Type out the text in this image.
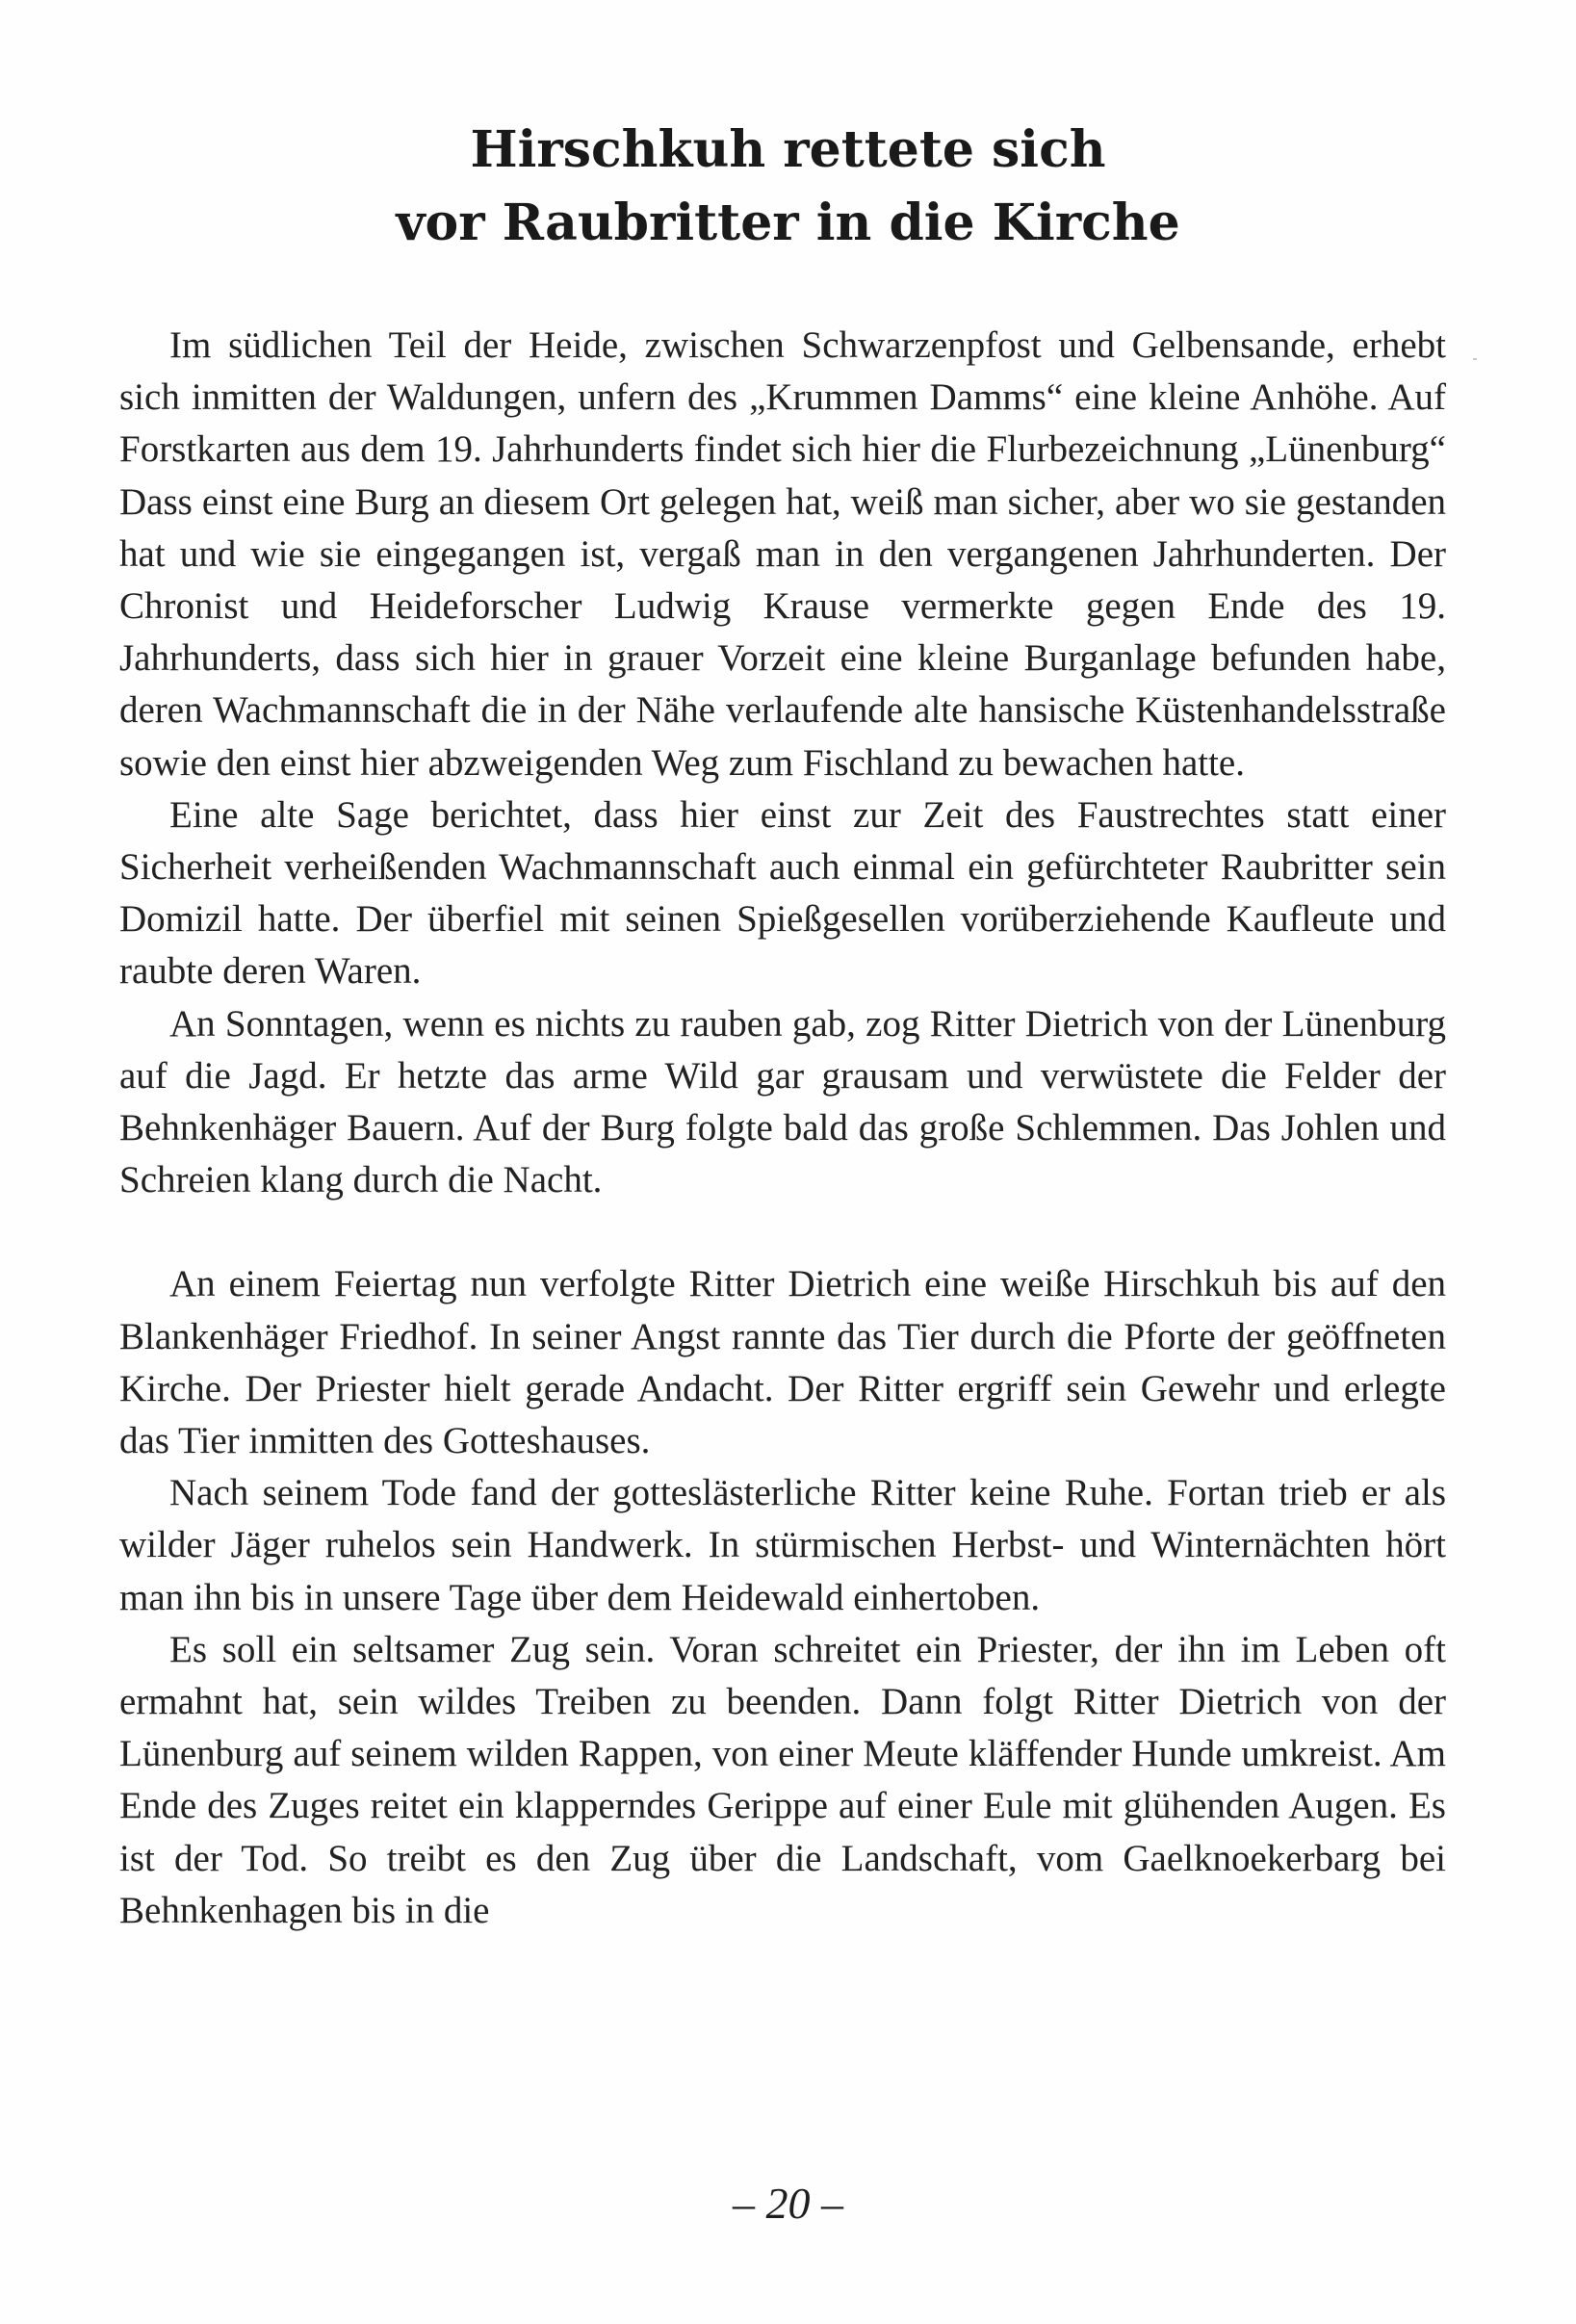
Hirschkuh rettete sich
vor Raubritter in die Kirche

Im südlichen Teil der Heide, zwischen Schwarzenpfost und Gelbensande, erhebt sich inmitten der Waldungen, unfern des „Krummen Damms“ eine kleine Anhöhe. Auf Forstkarten aus dem 19. Jahrhunderts findet sich hier die Flurbezeichnung „Lünenburg“ Dass einst eine Burg an diesem Ort gelegen hat, weiß man sicher, aber wo sie gestanden hat und wie sie eingegangen ist, vergaß man in den vergangenen Jahrhunderten. Der Chronist und Heideforscher Ludwig Krause vermerkte gegen Ende des 19. Jahrhunderts, dass sich hier in grauer Vorzeit eine kleine Burganlage befunden habe, deren Wachmannschaft die in der Nähe verlaufende alte hansische Küstenhandelsstraße sowie den einst hier abzweigenden Weg zum Fischland zu bewachen hatte.

Eine alte Sage berichtet, dass hier einst zur Zeit des Faustrechtes statt einer Sicherheit verheißenden Wachmannschaft auch einmal ein gefürchteter Raubritter sein Domizil hatte. Der überfiel mit seinen Spießgesellen vorüberziehende Kaufleute und raubte deren Waren.

An Sonntagen, wenn es nichts zu rauben gab, zog Ritter Dietrich von der Lünenburg auf die Jagd. Er hetzte das arme Wild gar grausam und verwüstete die Felder der Behnkenhäger Bauern. Auf der Burg folgte bald das große Schlemmen. Das Johlen und Schreien klang durch die Nacht.

An einem Feiertag nun verfolgte Ritter Dietrich eine weiße Hirschkuh bis auf den Blankenhäger Friedhof. In seiner Angst rannte das Tier durch die Pforte der geöffneten Kirche. Der Priester hielt gerade Andacht. Der Ritter ergriff sein Gewehr und erlegte das Tier inmitten des Gotteshauses.

Nach seinem Tode fand der gotteslästerliche Ritter keine Ruhe. Fortan trieb er als wilder Jäger ruhelos sein Handwerk. In stürmischen Herbst- und Winternächten hört man ihn bis in unsere Tage über dem Heidewald einhertoben.

Es soll ein seltsamer Zug sein. Voran schreitet ein Priester, der ihn im Leben oft ermahnt hat, sein wildes Treiben zu beenden. Dann folgt Ritter Dietrich von der Lünenburg auf seinem wilden Rappen, von einer Meute kläffender Hunde umkreist. Am Ende des Zuges reitet ein klapperndes Gerippe auf einer Eule mit glühenden Augen. Es ist der Tod. So treibt es den Zug über die Landschaft, vom Gaelknoekerbarg bei Behnkenhagen bis in die

– 20 –
